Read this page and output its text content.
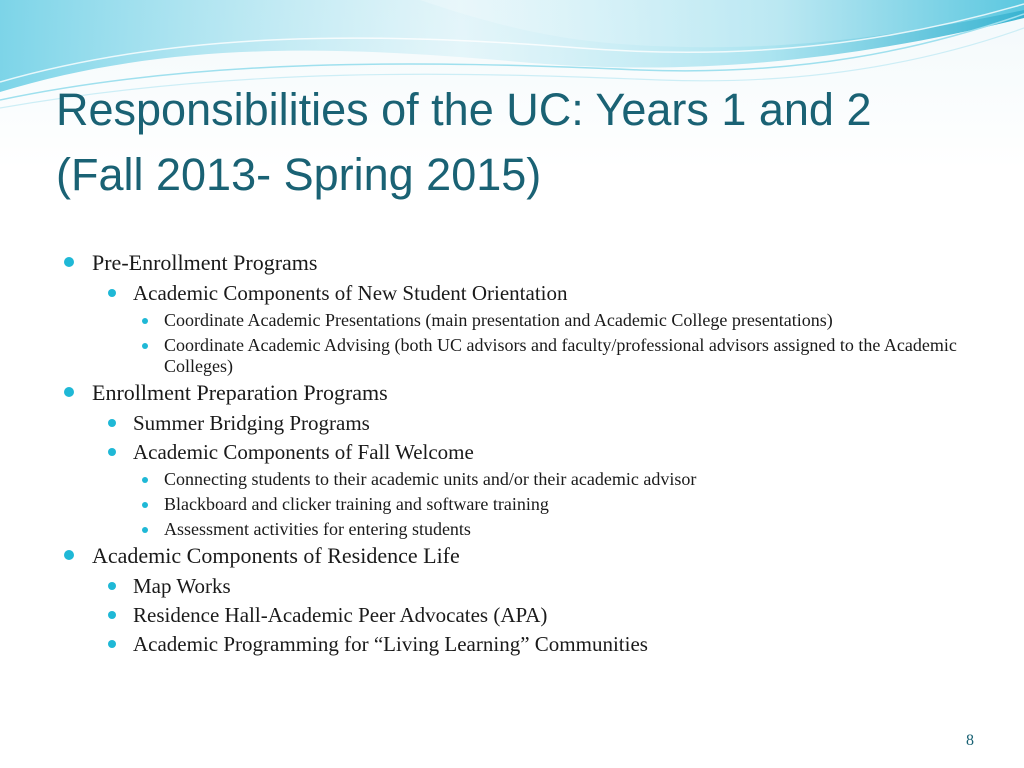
Responsibilities of the UC: Years 1 and 2
(Fall 2013- Spring 2015)
Pre-Enrollment Programs
Academic Components of New Student Orientation
Coordinate Academic Presentations (main presentation and Academic College presentations)
Coordinate Academic Advising (both UC advisors and faculty/professional advisors assigned to the Academic Colleges)
Enrollment Preparation Programs
Summer Bridging Programs
Academic Components of Fall Welcome
Connecting students to their academic units and/or their academic advisor
Blackboard and clicker training and software training
Assessment activities for entering students
Academic Components of Residence Life
Map Works
Residence Hall-Academic Peer Advocates (APA)
Academic Programming for “Living Learning” Communities
8
